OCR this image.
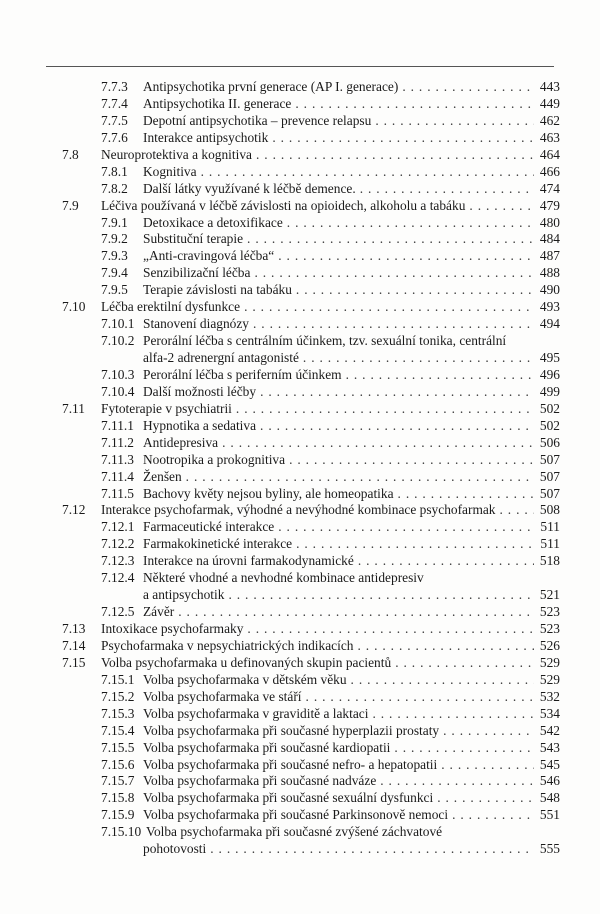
7.7.3 Antipsychotika první generace (AP I. generace) . . .	443
7.7.4 Antipsychotika II. generace . . .	449
7.7.5 Depotní antipsychotika – prevence relapsu . . .	462
7.7.6 Interakce antipsychotik . . .	463
7.8 Neuroprotektiva a kognitiva . . .	464
7.8.1 Kognitiva . . .	466
7.8.2 Další látky využívané k léčbě demence. . . .	474
7.9 Léčiva používaná v léčbě závislosti na opioidech, alkoholu a tabáku . . .	479
7.9.1 Detoxikace a detoxifikace . . .	480
7.9.2 Substituční terapie . . .	484
7.9.3 „Anti-cravingová léčba“ . . .	487
7.9.4 Senzibilizační léčba . . .	488
7.9.5 Terapie závislosti na tabáku . . .	490
7.10 Léčba erektilní dysfunkce . . .	493
7.10.1 Stanovení diagnózy . . .	494
7.10.2 Perorální léčba s centrálním účinkem, tzv. sexuální tonika, centrální
alfa-2 adrenergní antagonisté . . .	495
7.10.3 Perorální léčba s periferním účinkem . . .	496
7.10.4 Další možnosti léčby . . .	499
7.11 Fytoterapie v psychiatrii . . .	502
7.11.1 Hypnotika a sedativa . . .	502
7.11.2 Antidepresiva . . .	506
7.11.3 Nootropika a prokognitiva . . .	507
7.11.4 Ženšen . . .	507
7.11.5 Bachovy květy nejsou byliny, ale homeopatika . . .	507
7.12 Interakce psychofarmak, výhodné a nevýhodné kombinace psychofarmak . . .	508
7.12.1 Farmaceutické interakce . . .	511
7.12.2 Farmakokinetické interakce . . .	511
7.12.3 Interakce na úrovni farmakodynamické . . .	518
7.12.4 Některé vhodné a nevhodné kombinace antidepresiv
a antipsychotik . . .	521
7.12.5 Závěr . . .	523
7.13 Intoxikace psychofarmaky . . .	523
7.14 Psychofarmaka v nepsychiatrických indikacích . . .	526
7.15 Volba psychofarmaka u definovaných skupin pacientů . . .	529
7.15.1 Volba psychofarmaka v dětském věku . . .	529
7.15.2 Volba psychofarmaka ve stáří . . .	532
7.15.3 Volba psychofarmaka v graviditě a laktaci . . .	534
7.15.4 Volba psychofarmaka při současné hyperplazii prostaty . . .	542
7.15.5 Volba psychofarmaka při současné kardiopatii . . .	543
7.15.6 Volba psychofarmaka při současné nefro- a hepatopatii . . .	545
7.15.7 Volba psychofarmaka při současné nadváze . . .	546
7.15.8 Volba psychofarmaka při současné sexuální dysfunkci . . .	548
7.15.9 Volba psychofarmaka při současné Parkinsonově nemoci . . .	551
7.15.10 Volba psychofarmaka při současné zvýšené záchvatové
pohotovosti . . .	555
